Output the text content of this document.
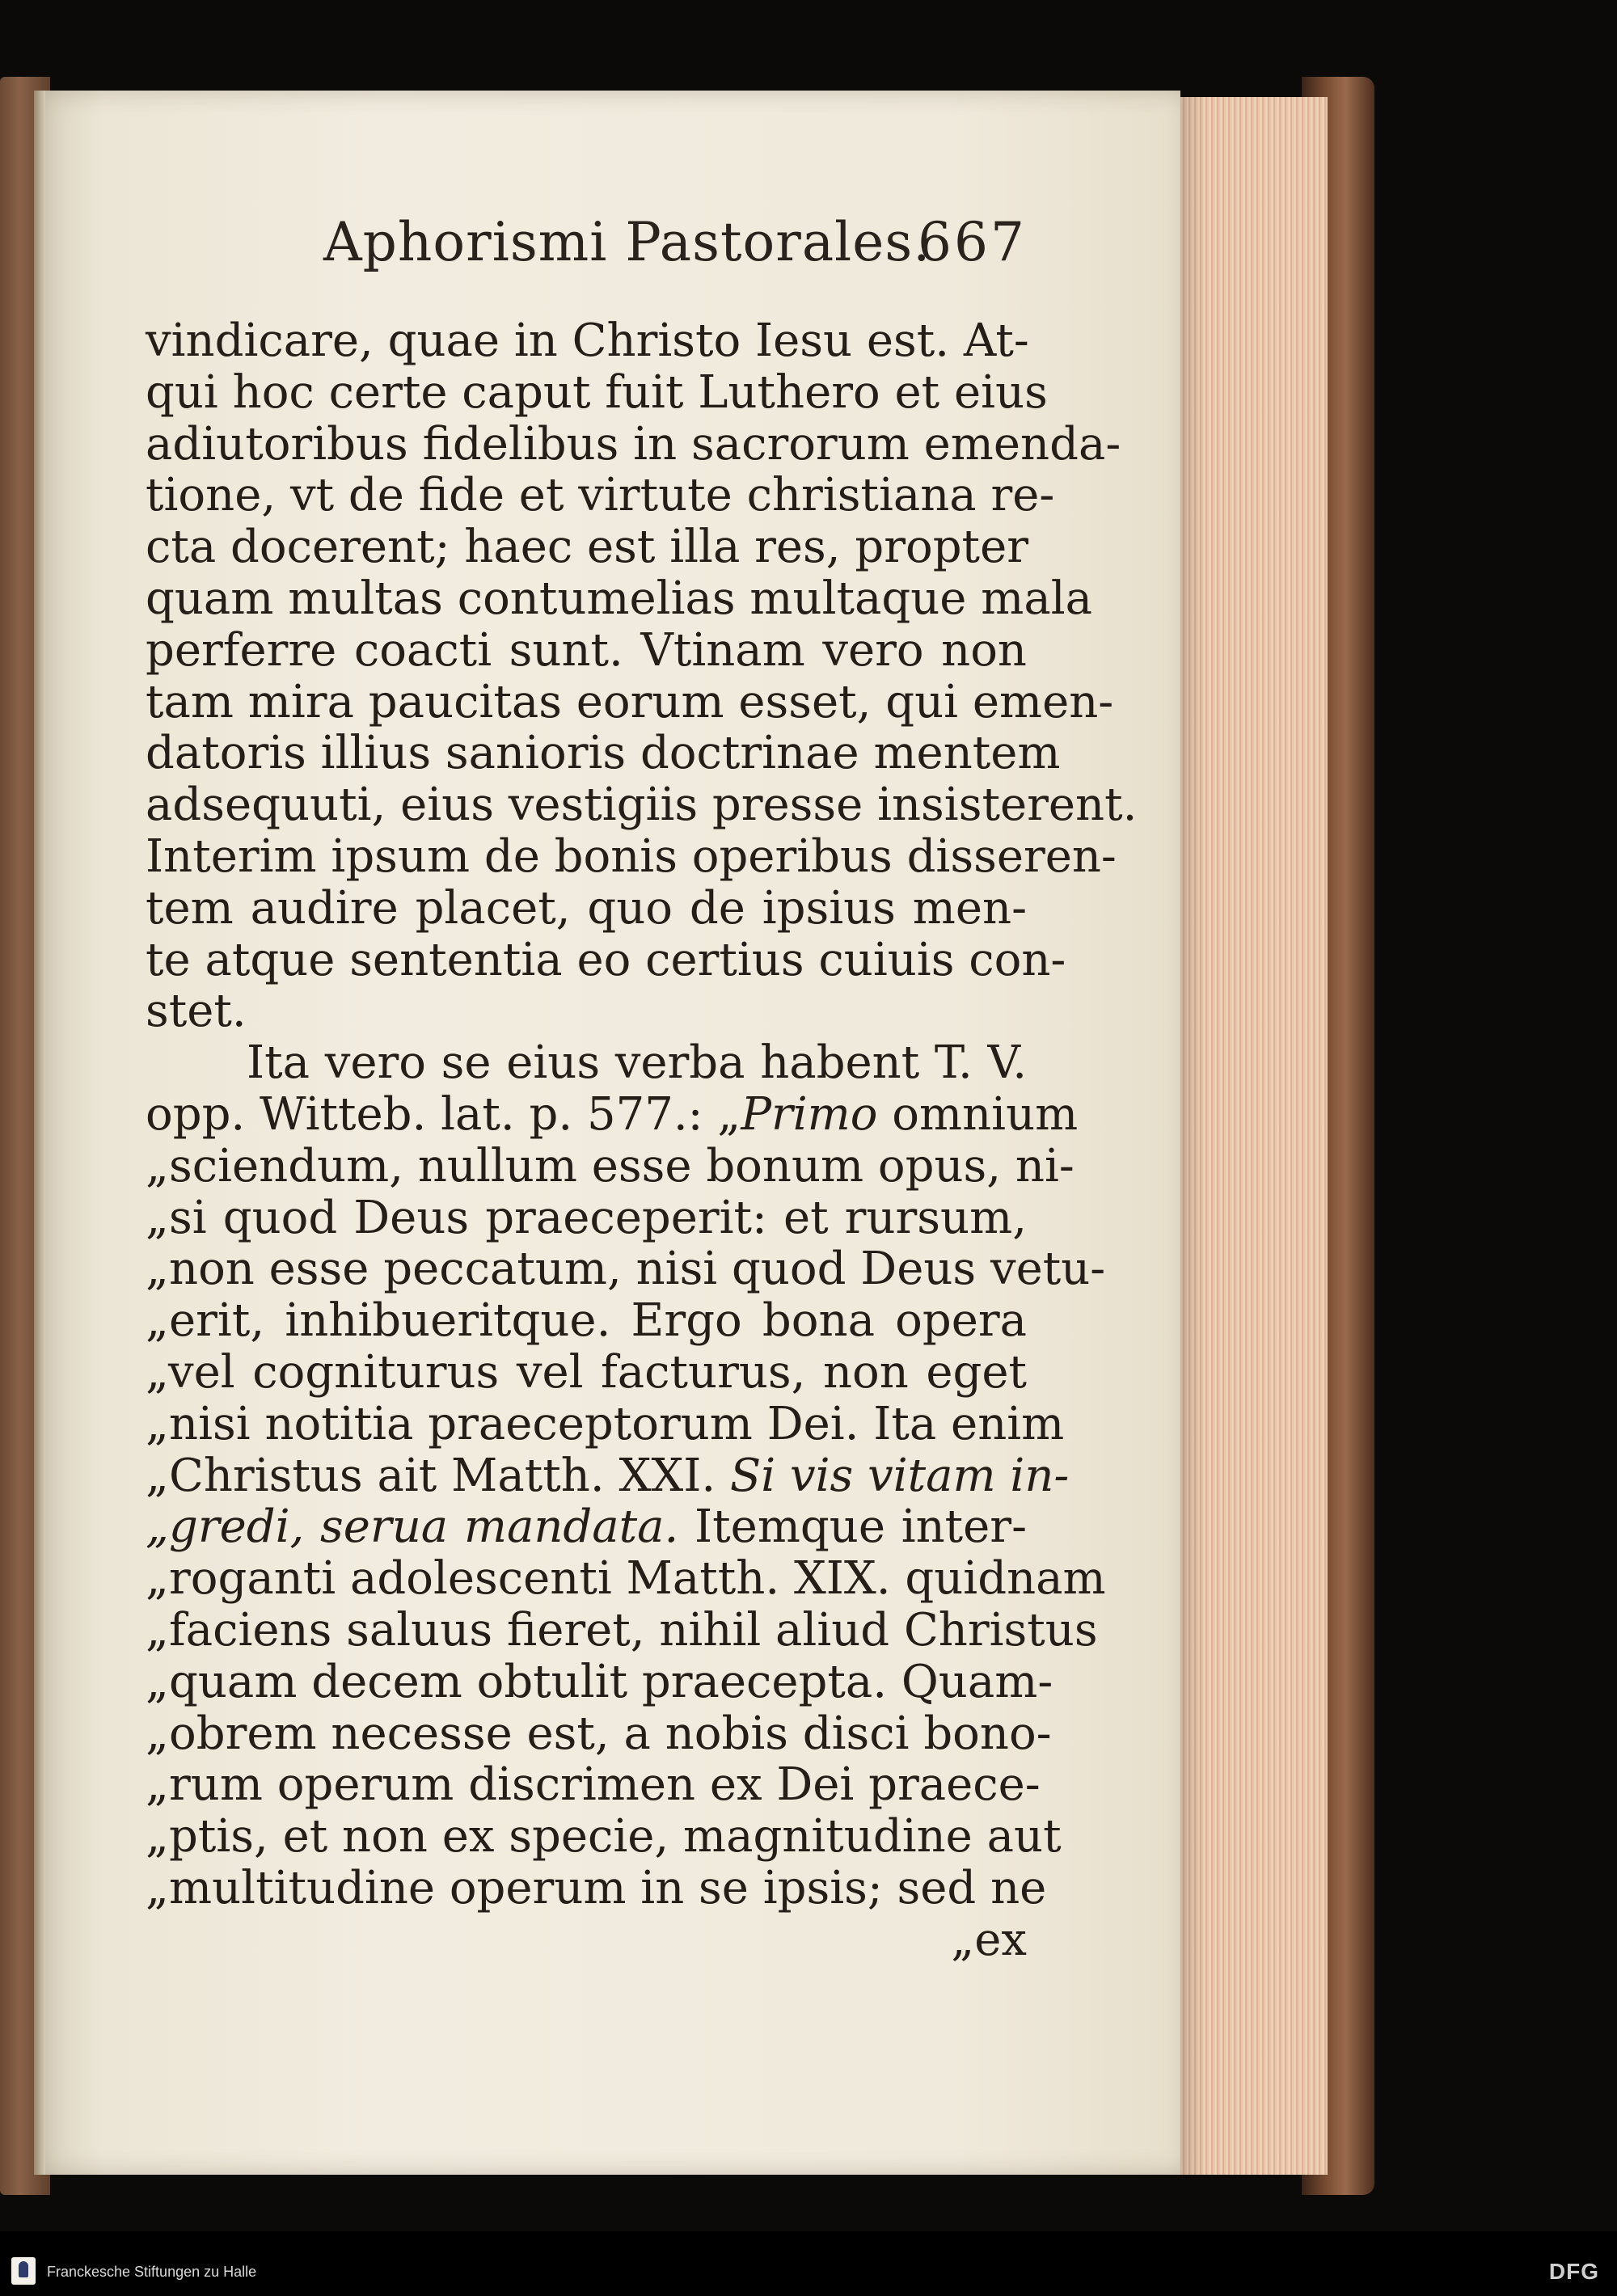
Aphorismi Pastorales.
667
vindicare, quae in Christo Iesu est. At-
qui hoc certe caput fuit Luthero et eius
adiutoribus fidelibus in sacrorum emenda-
tione, vt de fide et virtute christiana re-
cta docerent; haec est illa res, propter
quam multas contumelias multaque mala
perferre coacti sunt. Vtinam vero non
tam mira paucitas eorum esset, qui emen-
datoris illius sanioris doctrinae mentem
adsequuti, eius vestigiis presse insisterent.
Interim ipsum de bonis operibus disseren-
tem audire placet, quo de ipsius men-
te atque sententia eo certius cuiuis con-
stet.
Ita vero se eius verba habent T. V.
opp. Witteb. lat. p. 577.: „Primo omnium
„sciendum, nullum esse bonum opus, ni-
„si quod Deus praeceperit: et rursum,
„non esse peccatum, nisi quod Deus vetu-
„erit, inhibueritque. Ergo bona opera
„vel cogniturus vel facturus, non eget
„nisi notitia praeceptorum Dei. Ita enim
„Christus ait Matth. XXI. Si vis vitam in-
„gredi, serua mandata. Itemque inter-
„roganti adolescenti Matth. XIX. quidnam
„faciens saluus fieret, nihil aliud Christus
„quam decem obtulit praecepta. Quam-
„obrem necesse est, a nobis disci bono-
„rum operum discrimen ex Dei praece-
„ptis, et non ex specie, magnitudine aut
„multitudine operum in se ipsis; sed ne
„ex
Franckesche Stiftungen zu Halle	DFG
